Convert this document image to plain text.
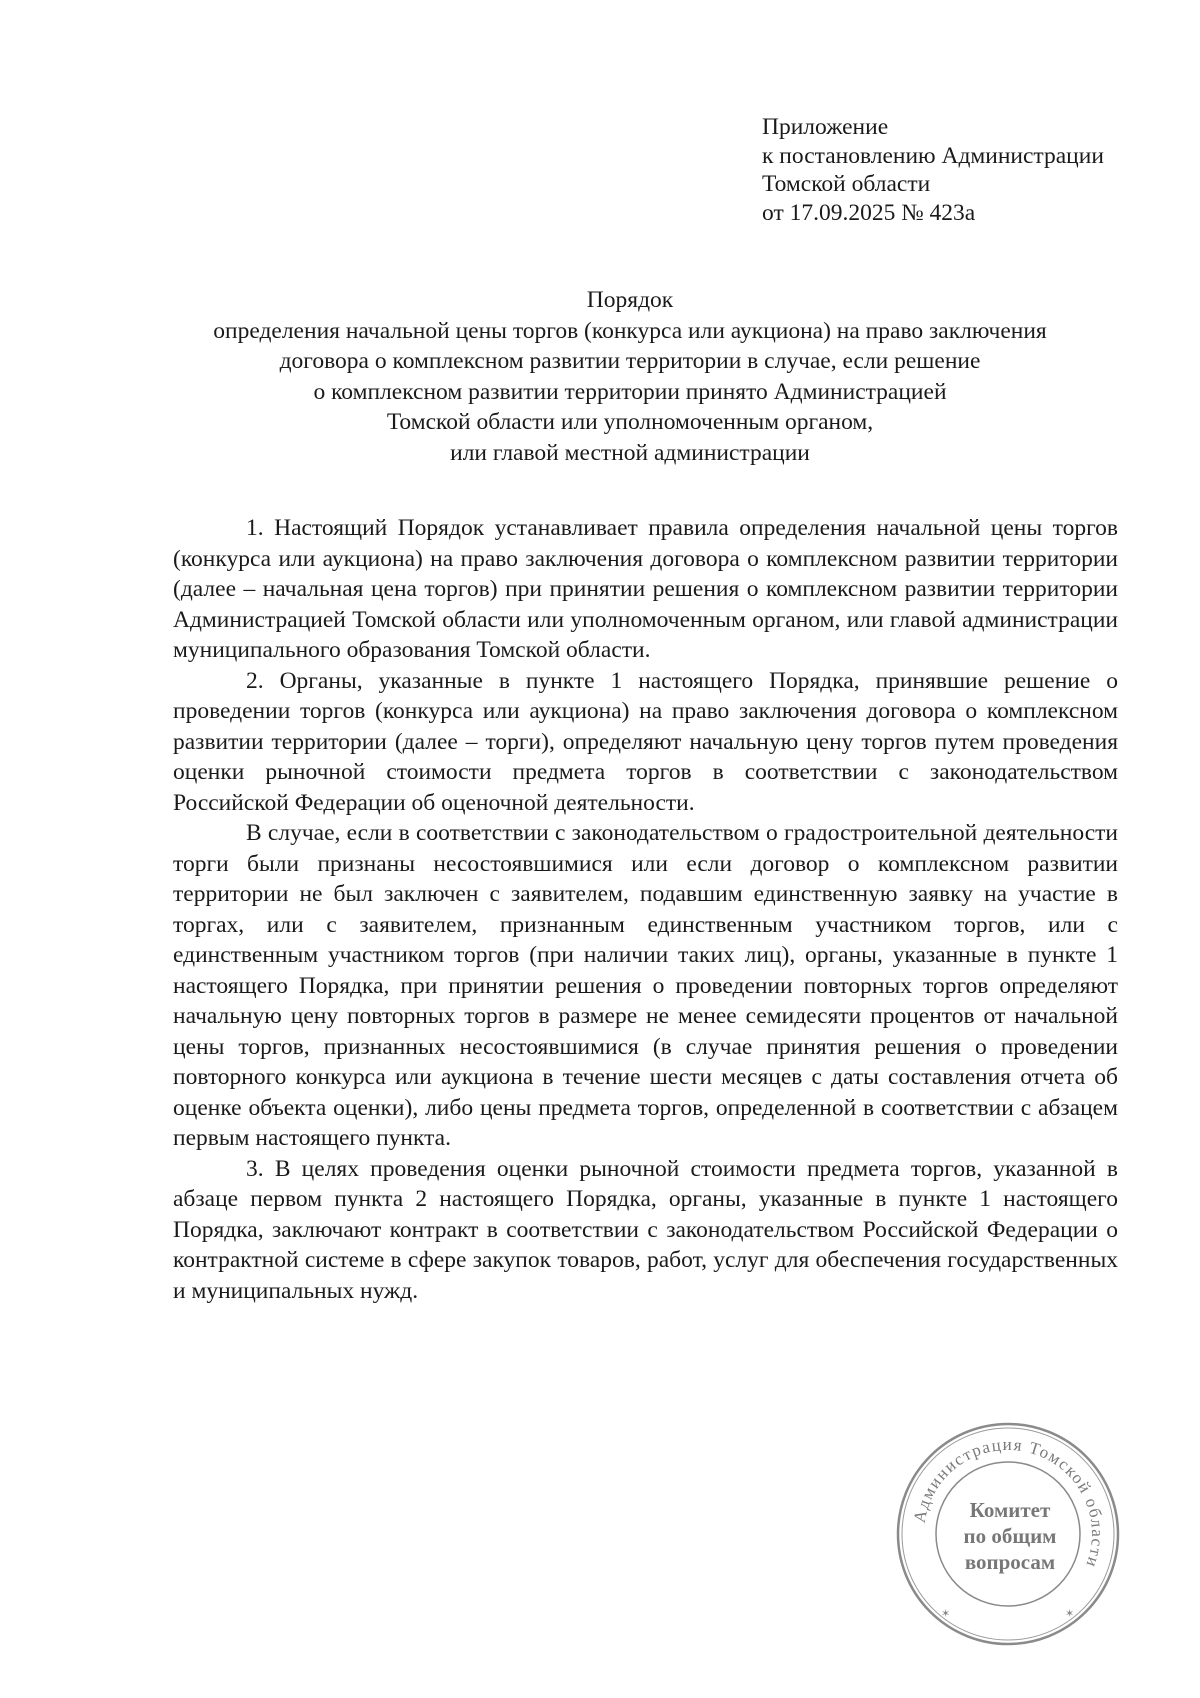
Приложение
к постановлению Администрации
Томской области
от 17.09.2025 № 423а
Порядок
определения начальной цены торгов (конкурса или аукциона) на право заключения
договора о комплексном развитии территории в случае, если решение
о комплексном развитии территории принято Администрацией
Томской области или уполномоченным органом,
или главой местной администрации

1. Настоящий Порядок устанавливает правила определения начальной цены торгов (конкурса или аукциона) на право заключения договора о комплексном развитии территории (далее – начальная цена торгов) при принятии решения о комплексном развитии территории Администрацией Томской области или уполномоченным органом, или главой администрации муниципального образования Томской области.

2. Органы, указанные в пункте 1 настоящего Порядка, принявшие решение о проведении торгов (конкурса или аукциона) на право заключения договора о комплексном развитии территории (далее – торги), определяют начальную цену торгов путем проведения оценки рыночной стоимости предмета торгов в соответствии с законодательством Российской Федерации об оценочной деятельности.

В случае, если в соответствии с законодательством о градостроительной деятельности торги были признаны несостоявшимися или если договор о комплексном развитии территории не был заключен с заявителем, подавшим единственную заявку на участие в торгах, или с заявителем, признанным единственным участником торгов, или с единственным участником торгов (при наличии таких лиц), органы, указанные в пункте 1 настоящего Порядка, при принятии решения о проведении повторных торгов определяют начальную цену повторных торгов в размере не менее семидесяти процентов от начальной цены торгов, признанных несостоявшимися (в случае принятия решения о проведении повторного конкурса или аукциона в течение шести месяцев с даты составления отчета об оценке объекта оценки), либо цены предмета торгов, определенной в соответствии с абзацем первым настоящего пункта.

3. В целях проведения оценки рыночной стоимости предмета торгов, указанной в абзаце первом пункта 2 настоящего Порядка, органы, указанные в пункте 1 настоящего Порядка, заключают контракт в соответствии с законодательством Российской Федерации о контрактной системе в сфере закупок товаров, работ, услуг для обеспечения государственных и муниципальных нужд.

Администрация Томской области
✶	✶
Комитет
по общим
вопросам
